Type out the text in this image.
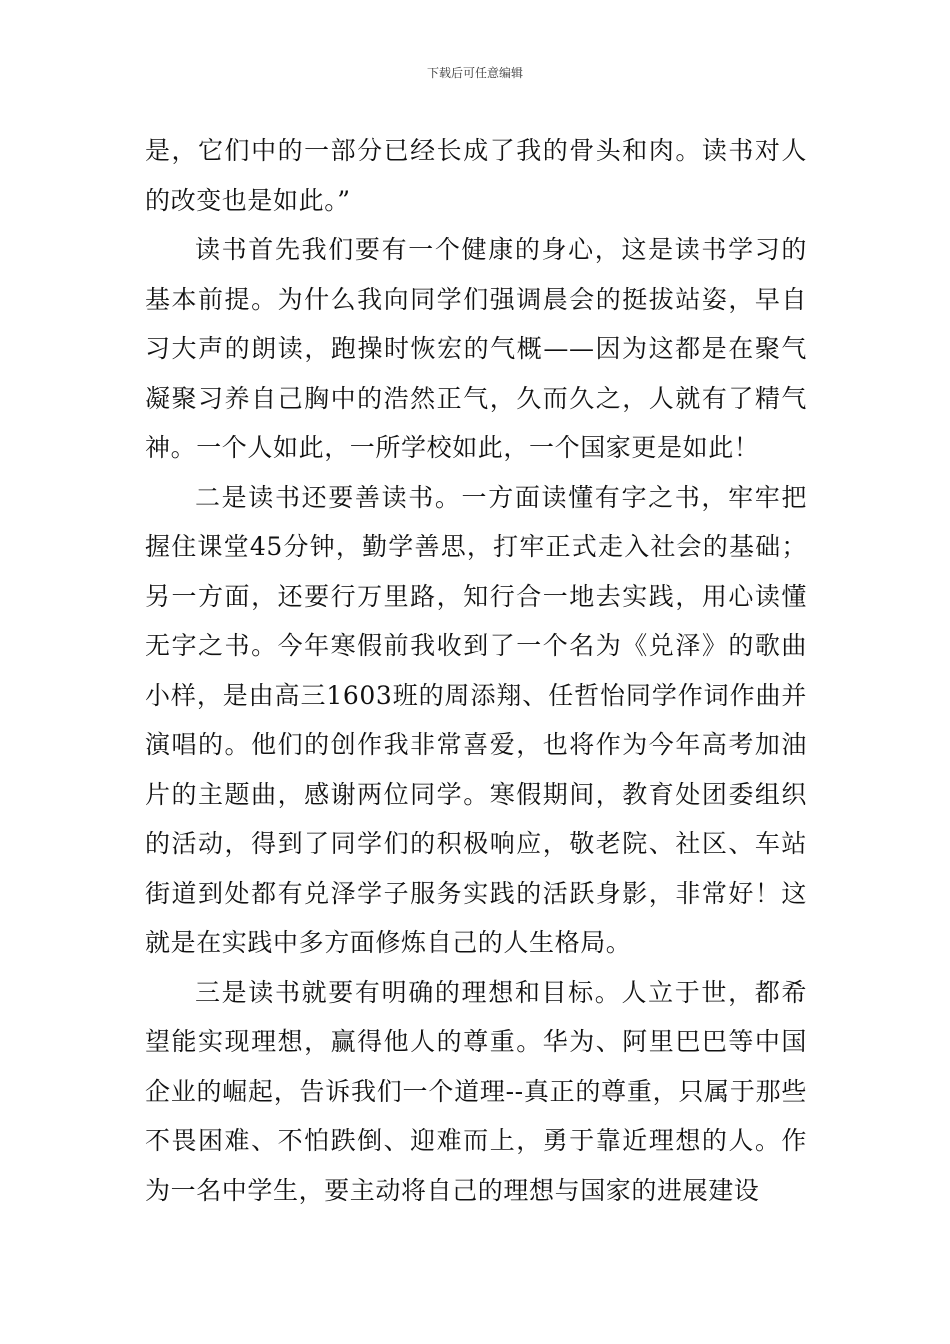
下载后可任意编辑

是，它们中的一部分已经长成了我的骨头和肉。读书对人的改变也是如此。”

读书首先我们要有一个健康的身心，这是读书学习的基本前提。为什么我向同学们强调晨会的挺拔站姿，早自习大声的朗读，跑操时恢宏的气概——因为这都是在聚气凝聚习养自己胸中的浩然正气，久而久之，人就有了精气神。一个人如此，一所学校如此，一个国家更是如此！

二是读书还要善读书。一方面读懂有字之书，牢牢把握住课堂45分钟，勤学善思，打牢正式走入社会的基础；另一方面，还要行万里路，知行合一地去实践，用心读懂无字之书。今年寒假前我收到了一个名为《兑泽》的歌曲小样，是由高三1603班的周添翔、任哲怡同学作词作曲并演唱的。他们的创作我非常喜爱，也将作为今年高考加油片的主题曲，感谢两位同学。寒假期间，教育处团委组织的活动，得到了同学们的积极响应，敬老院、社区、车站街道到处都有兑泽学子服务实践的活跃身影，非常好！这就是在实践中多方面修炼自己的人生格局。

三是读书就要有明确的理想和目标。人立于世，都希望能实现理想，赢得他人的尊重。华为、阿里巴巴等中国企业的崛起，告诉我们一个道理--真正的尊重，只属于那些不畏困难、不怕跌倒、迎难而上，勇于靠近理想的人。作为一名中学生，要主动将自己的理想与国家的进展建设
